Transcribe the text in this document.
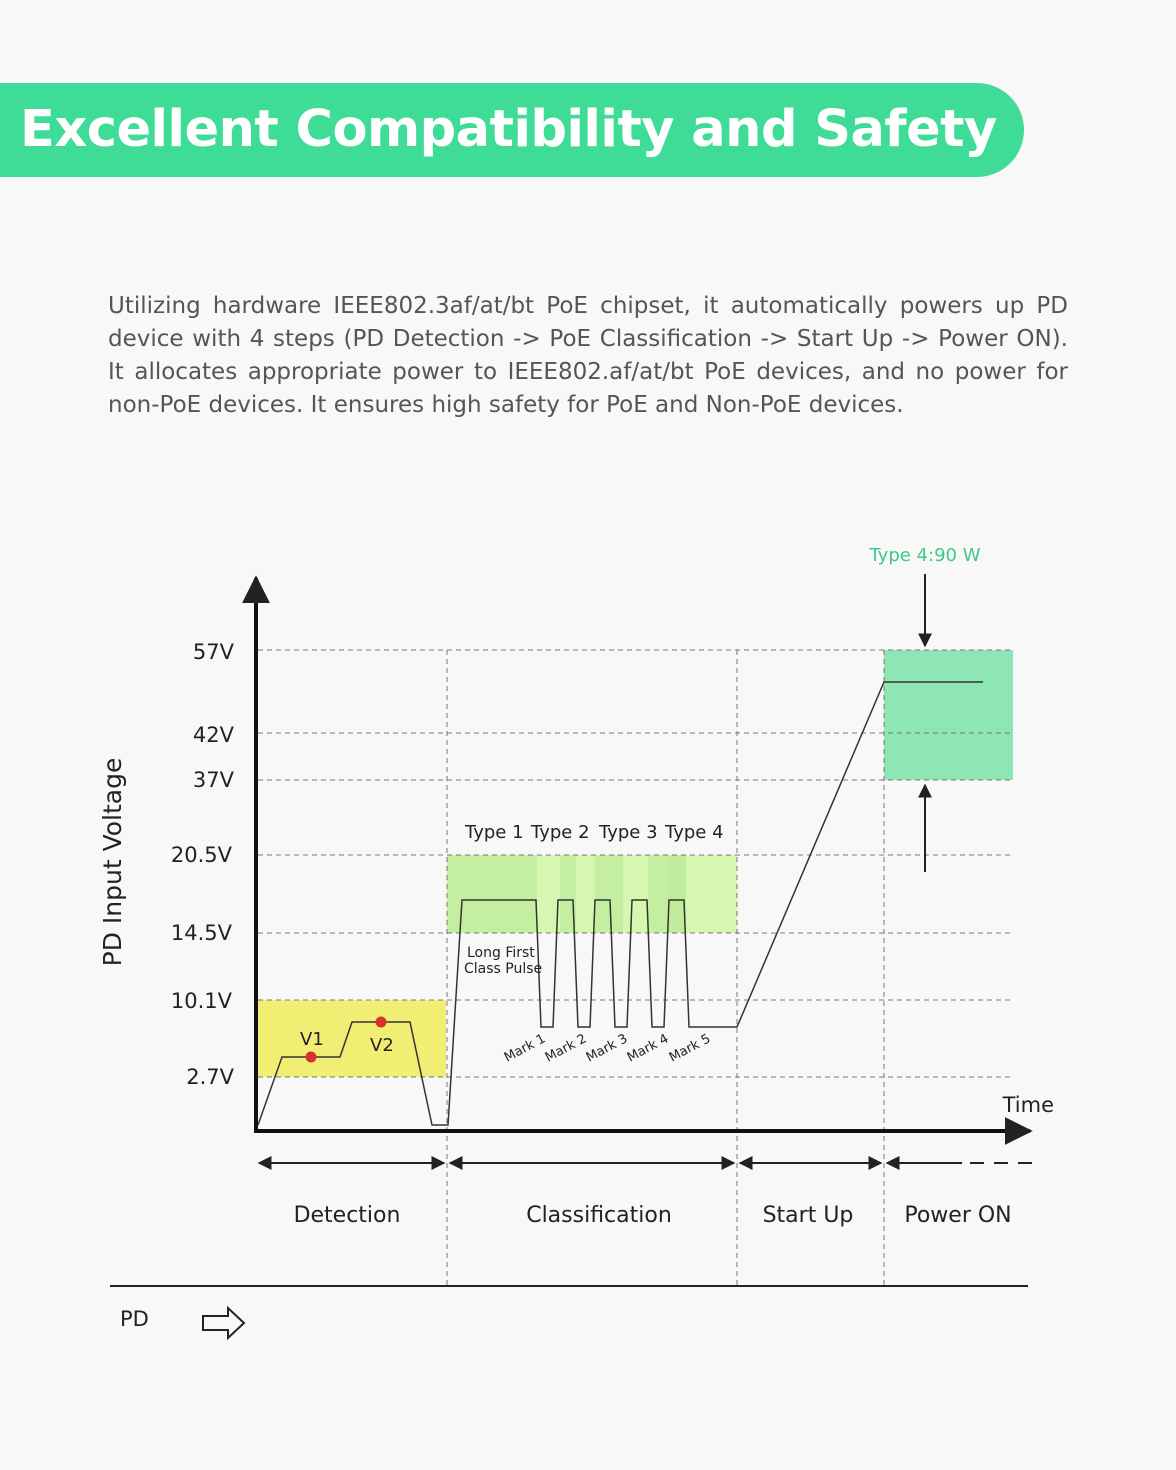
Excellent Compatibility and Safety
Utilizing hardware IEEE802.3af/at/bt PoE chipset, it automatically powers up PD device with 4 steps (PD Detection -> PoE Classification -> Start Up -> Power ON). It allocates appropriate power to IEEE802.af/at/bt PoE devices, and no power for non-PoE devices. It ensures high safety for PoE and Non-PoE devices.
PD Input Voltage
Time
57V
42V
37V
20.5V
14.5V
10.1V
2.7V
V1	V2
Type 1 Type 2 Type 3 Type 4
Long First
Class Pulse
Mark 1
Mark 2
Mark 3
Mark 4
Mark 5
Type 4:90 W
Detection	Classification	Start Up Power ON
PD
